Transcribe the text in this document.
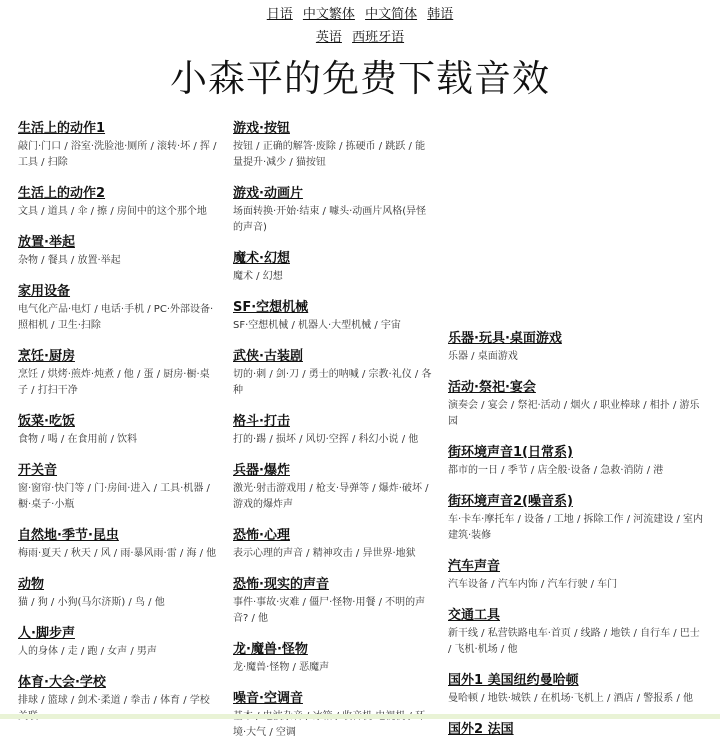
日语 中文繁体 中文简体 韩语
英语 西班牙语
小森平的免费下载音效
生活上的动作1
敲门·门口 / 浴室·洗脸池·厕所 / 滚转·坏 / 挥 / 工具 / 扫除
生活上的动作2
文具 / 道具 / 伞 / 擦 / 房间中的这个那个地
放置·举起
杂物 / 餐具 / 放置·举起
家用设备
电气化产品·电灯 / 电话·手机 / PC·外部设备·照相机 / 卫生·扫除
烹饪·厨房
烹饪 / 烘烤·煎炸·炖煮 / 他 / 蛋 / 厨房·橱·桌子 / 打扫干净
饭菜·吃饭
食物 / 喝 / 在食用前 / 饮料
开关音
窗·窗帘·快门等 / 门·房间·进入 / 工具·机器 / 橱·桌子·小瓶
自然地·季节·昆虫
梅雨·夏天 / 秋天 / 风 / 雨·暴风雨·雷 / 海 / 他
动物
猫 / 狗 / 小狗(马尔济斯) / 鸟 / 他
人·脚步声
人的身体 / 走 / 跑 / 女声 / 男声
体育·大会·学校
排球 / 篮球 / 剑术·柔道 / 拳击 / 体育 / 学校
游戏·按钮
按钮 / 正确的解答·废除 / 拣硬币 / 跳跃 / 能量提升·减少 / 猫按钮
游戏·动画片
场面转换·开始·结束 / 噱头·动画片风格(异怪的声音)
魔术·幻想
魔术 / 幻想
SF·空想机械
SF·空想机械 / 机器人·大型机械 / 宇宙
武侠·古装剧
切的·刺 / 剑·刀 / 勇士的呐喊 / 宗教·礼仪 / 各种
格斗·打击
打的·踢 / 损坏 / 风切·空挥 / 科幻小说 / 他
兵器·爆炸
激光·射击游戏用 / 枪支·导弹等 / 爆炸·破坏 / 游戏的爆炸声
恐怖·心理
表示心理的声音 / 精神攻击 / 异世界·地狱
恐怖·现实的声音
事件·事故·灾难 / 僵尸·怪物·用餐 / 不明的声音? / 他
龙·魔兽·怪物
龙·魔兽·怪物 / 恶魔声
噪音·空调音
境·大气 / 空调
乐器·玩具·桌面游戏
乐器 / 桌面游戏
活动·祭祀·宴会
演奏会 / 宴会 / 祭祀·活动 / 烟火 / 职业棒球 / 相扑 / 游乐园
街环境声音1(日常系)
都市的一日 / 季节 / 店全般·设备 / 急救·消防 / 港
街环境声音2(噪音系)
车·卡车·摩托车 / 设备 / 工地 / 拆除工作 / 河流建设 / 室内建筑·装修
汽车声音
汽车设备 / 汽车内饰 / 汽车行驶 / 车门
交通工具
新干线 / 私营铁路电车·首页 / 线路 / 地铁 / 自行车 / 巴士 / 飞机·机场 / 他
国外1 美国纽约曼哈顿
曼哈顿 / 地铁·城铁 / 在机场·飞机上 / 酒店 / 警报系 / 他
国外2 法国
